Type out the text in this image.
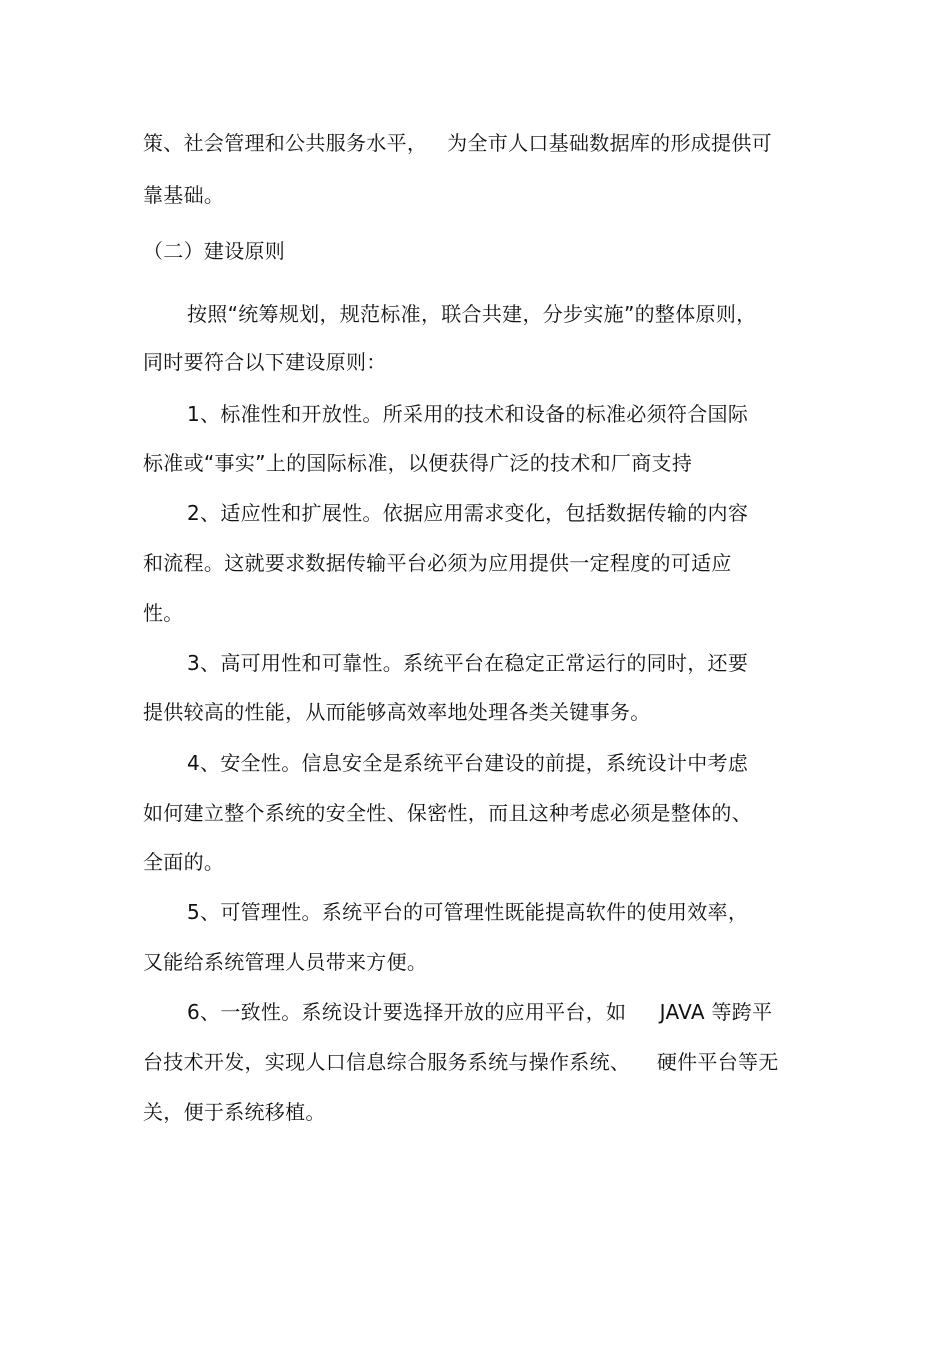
策、社会管理和公共服务水平，   为全市人口基础数据库的形成提供可
靠基础。
（二）建设原则
按照“统筹规划，规范标准，联合共建，分步实施”的整体原则，
同时要符合以下建设原则：
1、标准性和开放性。所采用的技术和设备的标准必须符合国际
标准或“事实”上的国际标准，以便获得广泛的技术和厂商支持
2、适应性和扩展性。依据应用需求变化，包括数据传输的内容
和流程。这就要求数据传输平台必须为应用提供一定程度的可适应
性。
3、高可用性和可靠性。系统平台在稳定正常运行的同时，还要
提供较高的性能，从而能够高效率地处理各类关键事务。
4、安全性。信息安全是系统平台建设的前提，系统设计中考虑
如何建立整个系统的安全性、保密性，而且这种考虑必须是整体的、
全面的。
5、可管理性。系统平台的可管理性既能提高软件的使用效率，
又能给系统管理人员带来方便。
6、一致性。系统设计要选择开放的应用平台，如     JAVA 等跨平
台技术开发，实现人口信息综合服务系统与操作系统、    硬件平台等无
关，便于系统移植。
